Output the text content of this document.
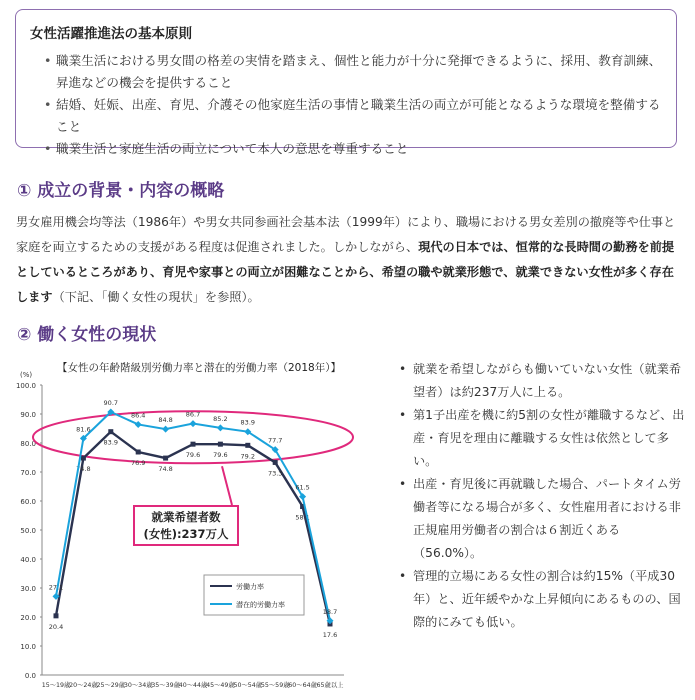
女性活躍推進法の基本原則
• 職業生活における男女間の格差の実情を踏まえ、個性と能力が十分に発揮できるように、採用、教育訓練、昇進などの機会を提供すること
• 結婚、妊娠、出産、育児、介護その他家庭生活の事情と職業生活の両立が可能となるような環境を整備すること
• 職業生活と家庭生活の両立について本人の意思を尊重すること
① 成立の背景・内容の概略
男女雇用機会均等法（1986年）や男女共同参画社会基本法（1999年）により、職場における男女差別の撤廃等や仕事と家庭を両立するための支援がある程度は促進されました。しかしながら、現代の日本では、恒常的な長時間の勤務を前提としているところがあり、育児や家事との両立が困難なことから、希望の職や就業形態で、就業できない女性が多く存在します（下記、「働く女性の現状」を参照）。
② 働く女性の現状
【女性の年齢階級別労働力率と潜在的労働力率（2018年）】
0.0
10.0
20.0
30.0
40.0
50.0
60.0
70.0
80.0
90.0
100.0
(%)
15～19歳
20～24歳
25～29歳
30～34歳
35～39歳
40～44歳
45～49歳
50～54歳
55～59歳
60～64歳 65歳以上
20.4
74.8
83.9
76.9
74.8
79.6 79.6 79.2
73.3
58.1
17.6
27.1
81.6
90.7
86.4
84.8
86.7
85.2 83.9
77.7
61.5
18.7
労働力率
潜在的労働力率
就業希望者数
(女性):237万人
• 就業を希望しながらも働いていない女性（就業希望者）は約237万人に上る。
• 第1子出産を機に約5割の女性が離職するなど、出産・育児を理由に離職する女性は依然として多い。
• 出産・育児後に再就職した場合、パートタイム労働者等になる場合が多く、女性雇用者における非正規雇用労働者の割合は６割近くある（56.0%）。
• 管理的立場にある女性の割合は約15%（平成30年）と、近年緩やかな上昇傾向にあるものの、国際的にみても低い。
